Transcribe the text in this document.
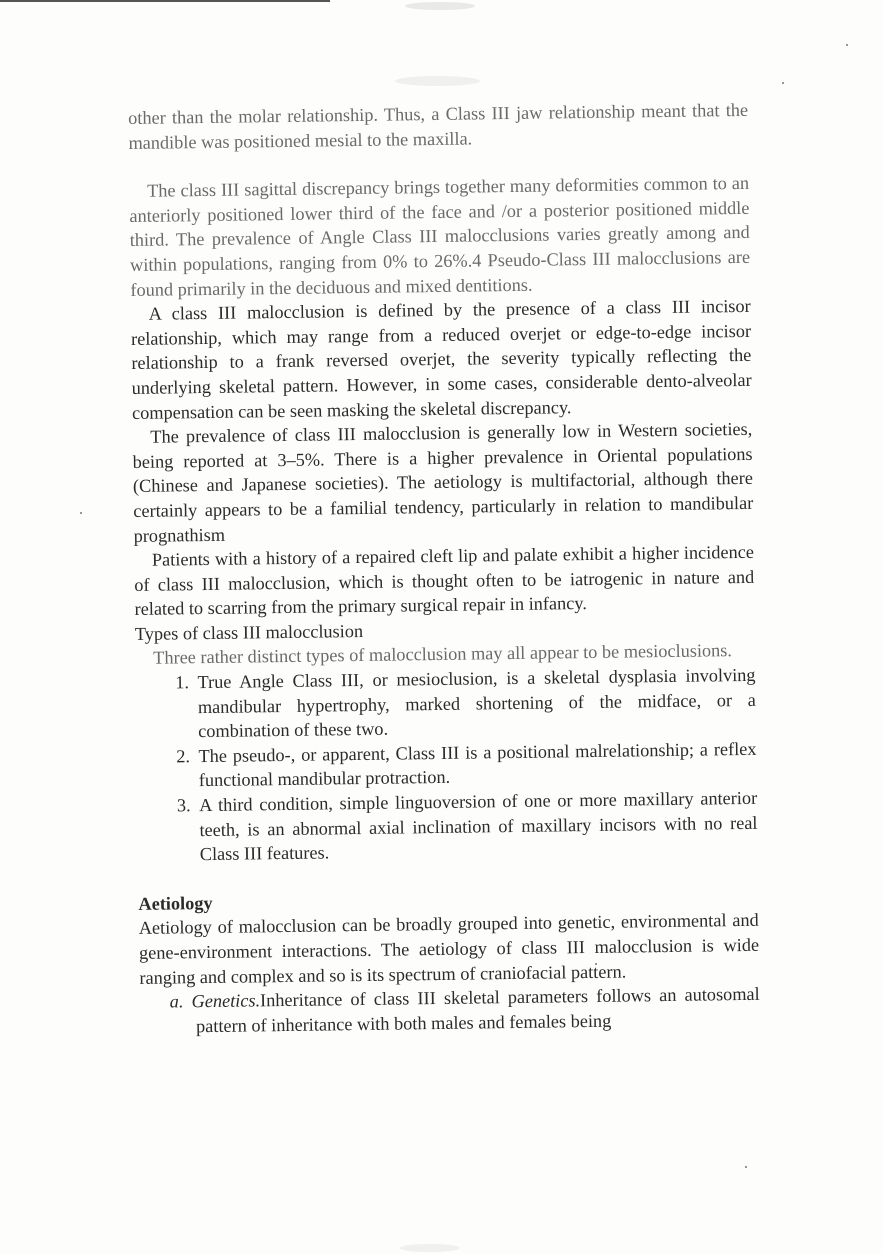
other than the molar relationship. Thus, a Class III jaw relationship meant that the mandible was positioned mesial to the maxilla.

The class III sagittal discrepancy brings together many deformities common to an anteriorly positioned lower third of the face and /or a posterior positioned middle third. The prevalence of Angle Class III malocclusions varies greatly among and within populations, ranging from 0% to 26%.4 Pseudo-Class III malocclusions are found primarily in the deciduous and mixed dentitions.

A class III malocclusion is defined by the presence of a class III incisor relationship, which may range from a reduced overjet or edge-to-edge incisor relationship to a frank reversed overjet, the severity typically reflecting the underlying skeletal pattern. However, in some cases, considerable dento-alveolar compensation can be seen masking the skeletal discrepancy.

The prevalence of class III malocclusion is generally low in Western societies, being reported at 3–5%. There is a higher prevalence in Oriental populations (Chinese and Japanese societies). The aetiology is multifactorial, although there certainly appears to be a familial tendency, particularly in relation to mandibular prognathism

Patients with a history of a repaired cleft lip and palate exhibit a higher incidence of class III malocclusion, which is thought often to be iatrogenic in nature and related to scarring from the primary surgical repair in infancy.

Types of class III malocclusion

Three rather distinct types of malocclusion may all appear to be mesioclusions.

1. True Angle Class III, or mesioclusion, is a skeletal dysplasia involving mandibular hypertrophy, marked shortening of the midface, or a combination of these two.
2. The pseudo-, or apparent, Class III is a positional malrelationship; a reflex functional mandibular protraction.
3. A third condition, simple linguoversion of one or more maxillary anterior teeth, is an abnormal axial inclination of maxillary incisors with no real Class III features.

Aetiology

Aetiology of malocclusion can be broadly grouped into genetic, environmental and gene-environment interactions. The aetiology of class III malocclusion is wide ranging and complex and so is its spectrum of craniofacial pattern.

a. Genetics.Inheritance of class III skeletal parameters follows an autosomal pattern of inheritance with both males and females being
